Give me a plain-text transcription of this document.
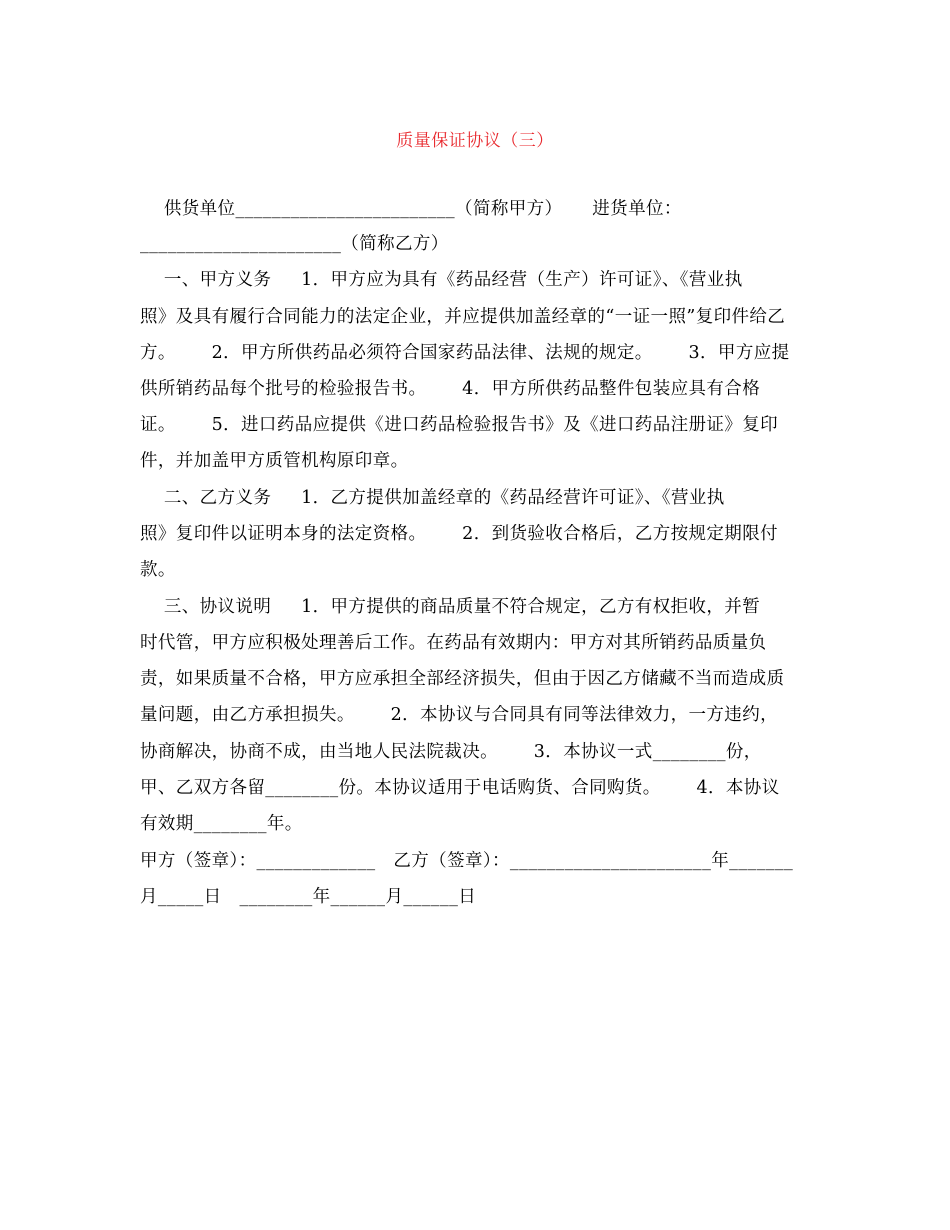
质量保证协议（三）
供货单位________________________（简称甲方）     进货单位：
______________________（简称乙方）
一、甲方义务     1．甲方应为具有《药品经营（生产）许可证》、《营业执
照》及具有履行合同能力的法定企业，并应提供加盖经章的“一证一照”复印件给乙
方。      2．甲方所供药品必须符合国家药品法律、法规的规定。      3．甲方应提
供所销药品每个批号的检验报告书。      4．甲方所供药品整件包装应具有合格
证。      5．进口药品应提供《进口药品检验报告书》及《进口药品注册证》复印
件，并加盖甲方质管机构原印章。
二、乙方义务     1．乙方提供加盖经章的《药品经营许可证》、《营业执
照》复印件以证明本身的法定资格。      2．到货验收合格后，乙方按规定期限付
款。
三、协议说明     1．甲方提供的商品质量不符合规定，乙方有权拒收，并暂
时代管，甲方应积极处理善后工作。在药品有效期内：甲方对其所销药品质量负
责，如果质量不合格，甲方应承担全部经济损失，但由于因乙方储藏不当而造成质
量问题，由乙方承担损失。      2．本协议与合同具有同等法律效力，一方违约，
协商解决，协商不成，由当地人民法院裁决。      3．本协议一式________份，
甲、乙双方各留________份。本协议适用于电话购货、合同购货。      4．本协议
有效期________年。
甲方（签章）：_____________   乙方（签章）：______________________年_______
月_____日   ________年______月______日
